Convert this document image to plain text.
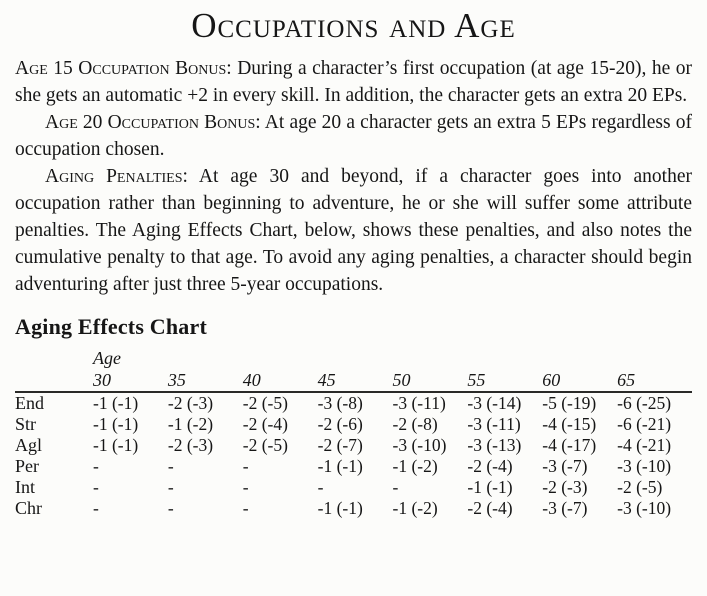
Occupations and Age

Age 15 Occupation Bonus: During a character’s first occupation (at age 15-20), he or she gets an automatic +2 in every skill. In addition, the character gets an extra 20 EPs.

Age 20 Occupation Bonus: At age 20 a character gets an extra 5 EPs regardless of occupation chosen.

Aging Penalties: At age 30 and beyond, if a character goes into another occupation rather than beginning to adventure, he or she will suffer some attribute penalties. The Aging Effects Chart, below, shows these penalties, and also notes the cumulative penalty to that age. To avoid any aging penalties, a character should begin adventuring after just three 5-year occupations.

Aging Effects Chart
	Age							
	30	35	40	45	50	55	60	65
End	-1 (-1)	-2 (-3)	-2 (-5)	-3 (-8)	-3 (-11)	-3 (-14)	-5 (-19)	-6 (-25)
Str	-1 (-1)	-1 (-2)	-2 (-4)	-2 (-6)	-2 (-8)	-3 (-11)	-4 (-15)	-6 (-21)
Agl	-1 (-1)	-2 (-3)	-2 (-5)	-2 (-7)	-3 (-10)	-3 (-13)	-4 (-17)	-4 (-21)
Per	-	-	-	-1 (-1)	-1 (-2)	-2 (-4)	-3 (-7)	-3 (-10)
Int	-	-	-	-	-	-1 (-1)	-2 (-3)	-2 (-5)
Chr	-	-	-	-1 (-1)	-1 (-2)	-2 (-4)	-3 (-7)	-3 (-10)
